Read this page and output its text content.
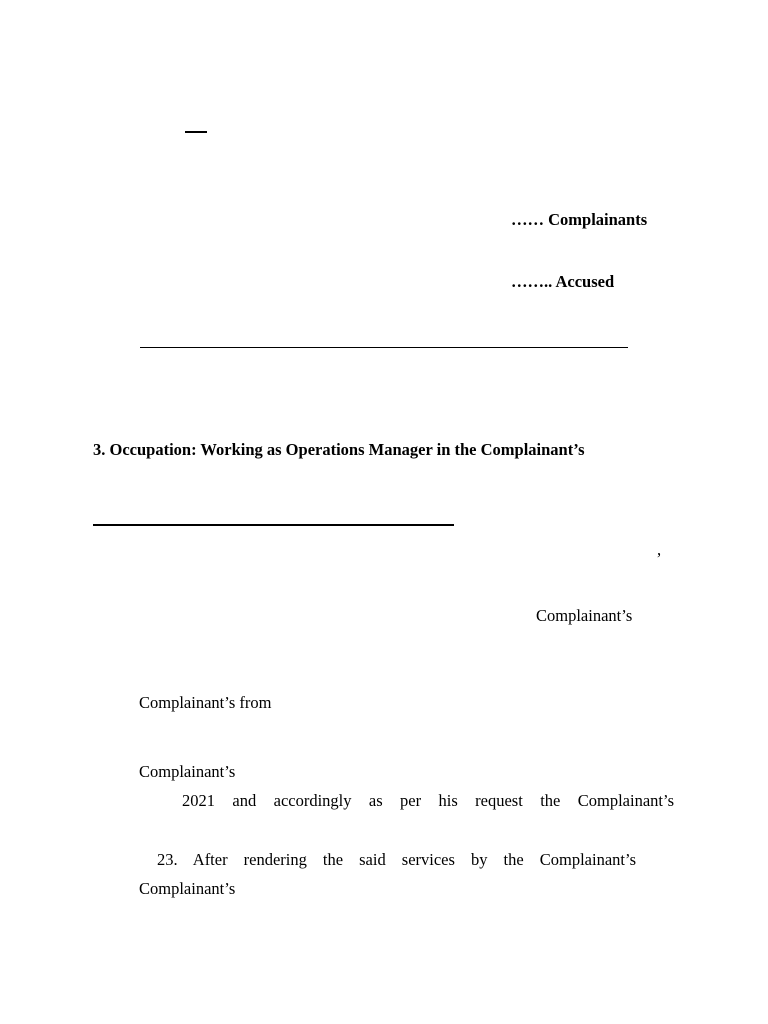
…… Complainants
…….. Accused
3. Occupation: Working as Operations Manager in the Complainant’s
,
Complainant’s
Complainant’s from
Complainant’s
2021 and accordingly as per his request the Complainant’s
23. After rendering the said services by the Complainant’s
Complainant’s
